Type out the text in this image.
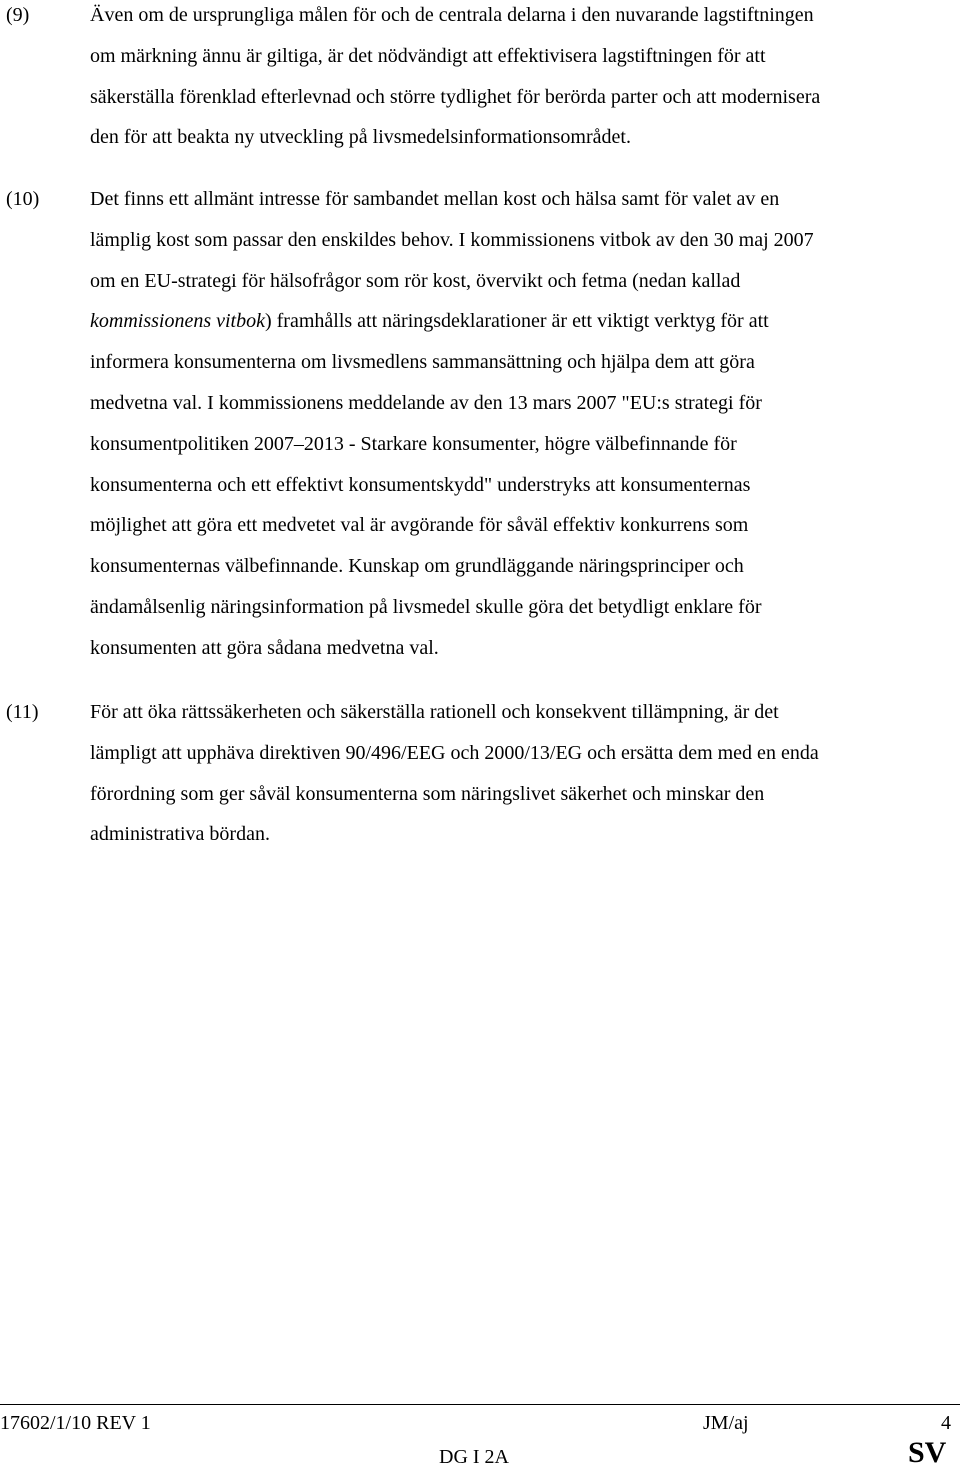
(9)	Även om de ursprungliga målen för och de centrala delarna i den nuvarande lagstiftningen
om märkning ännu är giltiga, är det nödvändigt att effektivisera lagstiftningen för att
säkerställa förenklad efterlevnad och större tydlighet för berörda parter och att modernisera
den för att beakta ny utveckling på livsmedelsinformationsområdet.
(10)	Det finns ett allmänt intresse för sambandet mellan kost och hälsa samt för valet av en
lämplig kost som passar den enskildes behov. I kommissionens vitbok av den 30 maj 2007
om en EU-strategi för hälsofrågor som rör kost, övervikt och fetma (nedan kallad
kommissionens vitbok) framhålls att näringsdeklarationer är ett viktigt verktyg för att
informera konsumenterna om livsmedlens sammansättning och hjälpa dem att göra
medvetna val. I kommissionens meddelande av den 13 mars 2007 "EU:s strategi för
konsumentpolitiken 2007–2013 - Starkare konsumenter, högre välbefinnande för
konsumenterna och ett effektivt konsumentskydd" understryks att konsumenternas
möjlighet att göra ett medvetet val är avgörande för såväl effektiv konkurrens som
konsumenternas välbefinnande. Kunskap om grundläggande näringsprinciper och
ändamålsenlig näringsinformation på livsmedel skulle göra det betydligt enklare för
konsumenten att göra sådana medvetna val.
(11)	För att öka rättssäkerheten och säkerställa rationell och konsekvent tillämpning, är det
lämpligt att upphäva direktiven 90/496/EEG och 2000/13/EG och ersätta dem med en enda
förordning som ger såväl konsumenterna som näringslivet säkerhet och minskar den
administrativa bördan.
17602/1/10 REV 1	JM/aj	4
DG I 2A	SV
